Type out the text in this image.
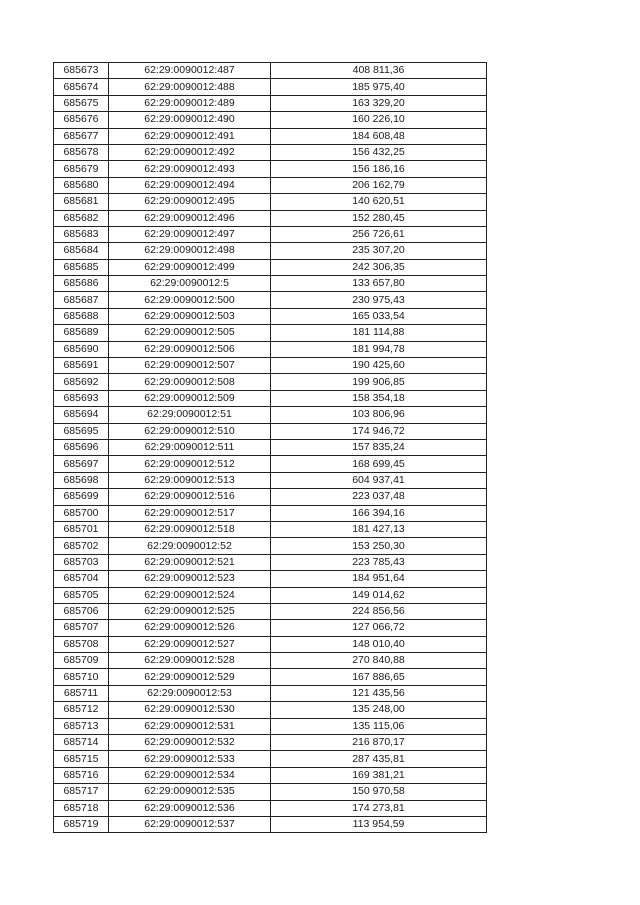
685673	62:29:0090012:487	408 811,36
685674	62:29:0090012:488	185 975,40
685675	62:29:0090012:489	163 329,20
685676	62:29:0090012:490	160 226,10
685677	62:29:0090012:491	184 608,48
685678	62:29:0090012:492	156 432,25
685679	62:29:0090012:493	156 186,16
685680	62:29:0090012:494	206 162,79
685681	62:29:0090012:495	140 620,51
685682	62:29:0090012:496	152 280,45
685683	62:29:0090012:497	256 726,61
685684	62:29:0090012:498	235 307,20
685685	62:29:0090012:499	242 306,35
685686	62:29:0090012:5	133 657,80
685687	62:29:0090012:500	230 975,43
685688	62:29:0090012:503	165 033,54
685689	62:29:0090012:505	181 114,88
685690	62:29:0090012:506	181 994,78
685691	62:29:0090012:507	190 425,60
685692	62:29:0090012:508	199 906,85
685693	62:29:0090012:509	158 354,18
685694	62:29:0090012:51	103 806,96
685695	62:29:0090012:510	174 946,72
685696	62:29:0090012:511	157 835,24
685697	62:29:0090012:512	168 699,45
685698	62:29:0090012:513	604 937,41
685699	62:29:0090012:516	223 037,48
685700	62:29:0090012:517	166 394,16
685701	62:29:0090012:518	181 427,13
685702	62:29:0090012:52	153 250,30
685703	62:29:0090012:521	223 785,43
685704	62:29:0090012:523	184 951,64
685705	62:29:0090012:524	149 014,62
685706	62:29:0090012:525	224 856,56
685707	62:29:0090012:526	127 066,72
685708	62:29:0090012:527	148 010,40
685709	62:29:0090012:528	270 840,88
685710	62:29:0090012:529	167 886,65
685711	62:29:0090012:53	121 435,56
685712	62:29:0090012:530	135 248,00
685713	62:29:0090012:531	135 115,06
685714	62:29:0090012:532	216 870,17
685715	62:29:0090012:533	287 435,81
685716	62:29:0090012:534	169 381,21
685717	62:29:0090012:535	150 970,58
685718	62:29:0090012:536	174 273,81
685719	62:29:0090012:537	113 954,59
